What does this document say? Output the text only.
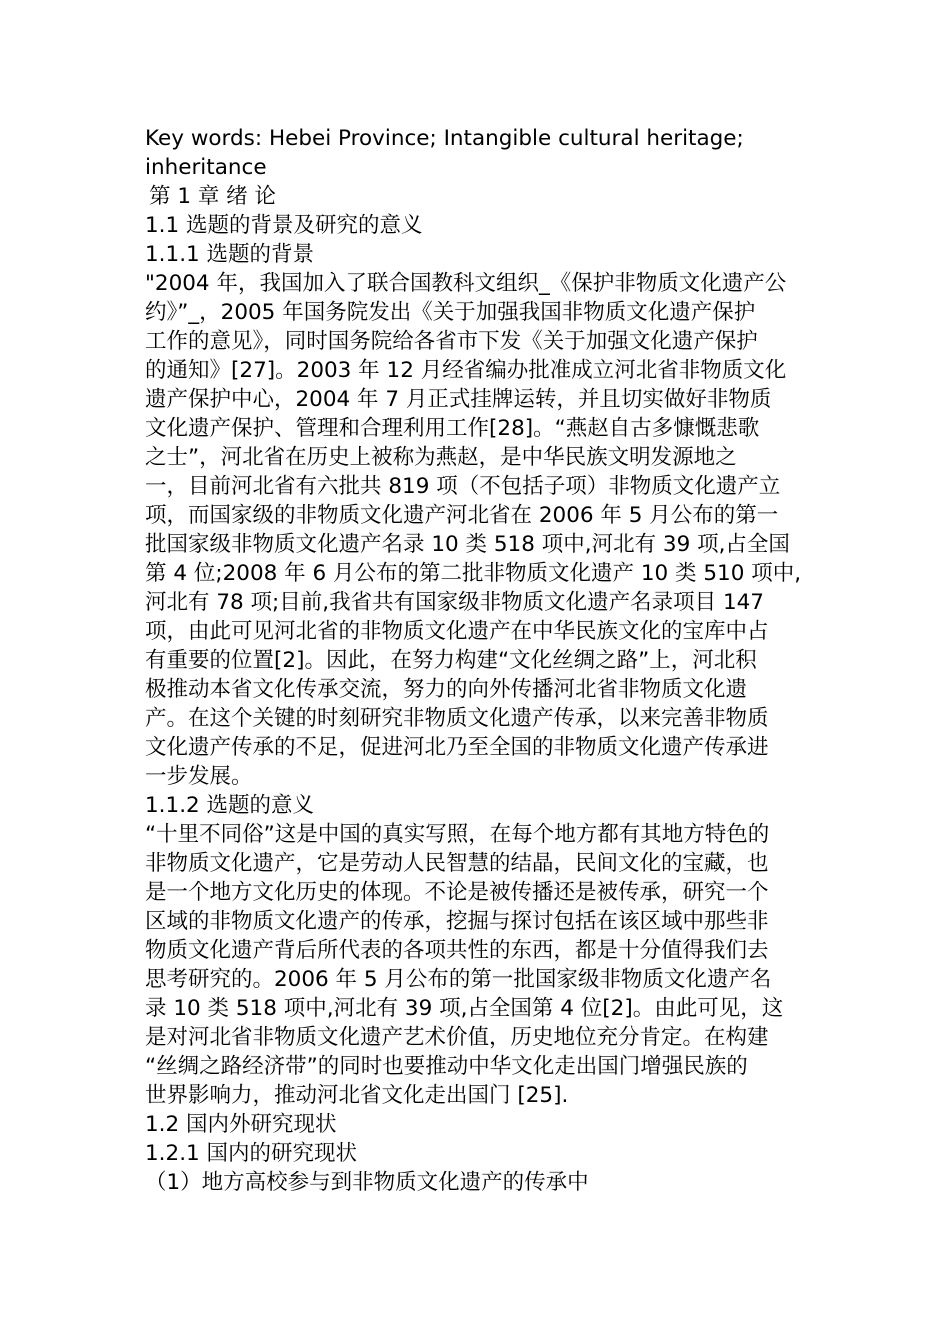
Key words: Hebei Province; Intangible cultural heritage;
inheritance
第 1 章 绪 论
1.1 选题的背景及研究的意义
1.1.1 选题的背景
"2004 年，我国加入了联合国教科文组织_《保护非物质文化遗产公
约》”_，2005 年国务院发出《关于加强我国非物质文化遗产保护
工作的意见》，同时国务院给各省市下发《关于加强文化遗产保护
的通知》[27]。2003 年 12 月经省编办批准成立河北省非物质文化
遗产保护中心，2004 年 7 月正式挂牌运转，并且切实做好非物质
文化遗产保护、管理和合理利用工作[28]。“燕赵自古多慷慨悲歌
之士”，河北省在历史上被称为燕赵，是中华民族文明发源地之
一，目前河北省有六批共 819 项（不包括子项）非物质文化遗产立
项，而国家级的非物质文化遗产河北省在 2006 年 5 月公布的第一
批国家级非物质文化遗产名录 10 类 518 项中,河北有 39 项,占全国
第 4 位;2008 年 6 月公布的第二批非物质文化遗产 10 类 510 项中,
河北有 78 项;目前,我省共有国家级非物质文化遗产名录项目 147
项，由此可见河北省的非物质文化遗产在中华民族文化的宝库中占
有重要的位置[2]。因此，在努力构建“文化丝绸之路”上，河北积
极推动本省文化传承交流，努力的向外传播河北省非物质文化遗
产。在这个关键的时刻研究非物质文化遗产传承，以来完善非物质
文化遗产传承的不足，促进河北乃至全国的非物质文化遗产传承进
一步发展。
1.1.2 选题的意义
“十里不同俗”这是中国的真实写照，在每个地方都有其地方特色的
非物质文化遗产，它是劳动人民智慧的结晶，民间文化的宝藏，也
是一个地方文化历史的体现。不论是被传播还是被传承，研究一个
区域的非物质文化遗产的传承，挖掘与探讨包括在该区域中那些非
物质文化遗产背后所代表的各项共性的东西，都是十分值得我们去
思考研究的。2006 年 5 月公布的第一批国家级非物质文化遗产名
录 10 类 518 项中,河北有 39 项,占全国第 4 位[2]。由此可见，这
是对河北省非物质文化遗产艺术价值，历史地位充分肯定。在构建
“丝绸之路经济带”的同时也要推动中华文化走出国门增强民族的
世界影响力，推动河北省文化走出国门 [25].
1.2 国内外研究现状
1.2.1 国内的研究现状
（1）地方高校参与到非物质文化遗产的传承中
